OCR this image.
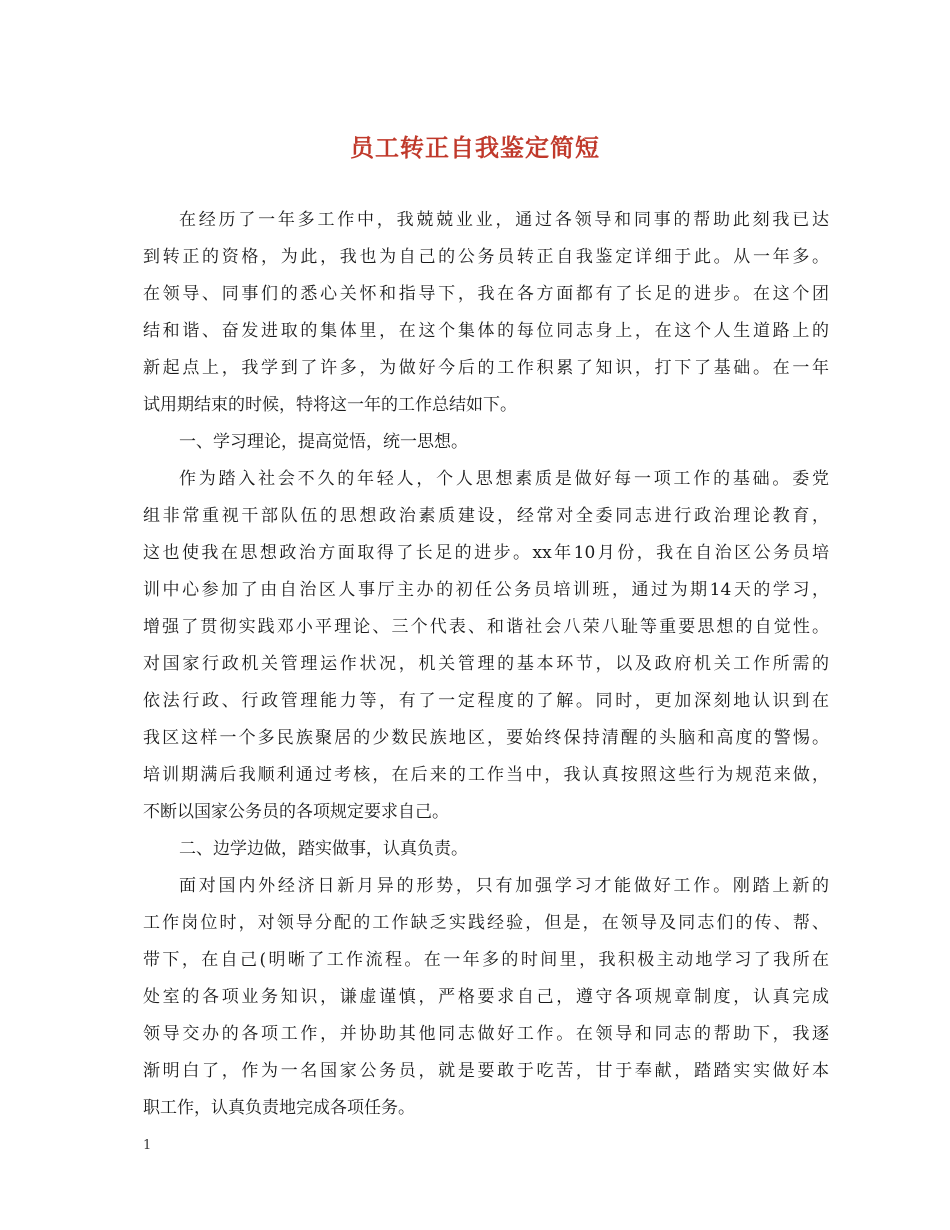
员工转正自我鉴定简短
在经历了一年多工作中，我兢兢业业，通过各领导和同事的帮助此刻我已达
到转正的资格，为此，我也为自己的公务员转正自我鉴定详细于此。从一年多。
在领导、同事们的悉心关怀和指导下，我在各方面都有了长足的进步。在这个团
结和谐、奋发进取的集体里，在这个集体的每位同志身上，在这个人生道路上的
新起点上，我学到了许多，为做好今后的工作积累了知识，打下了基础。在一年
试用期结束的时候，特将这一年的工作总结如下。
一、学习理论，提高觉悟，统一思想。
作为踏入社会不久的年轻人，个人思想素质是做好每一项工作的基础。委党
组非常重视干部队伍的思想政治素质建设，经常对全委同志进行政治理论教育，
这也使我在思想政治方面取得了长足的进步。xx年10月份，我在自治区公务员培
训中心参加了由自治区人事厅主办的初任公务员培训班，通过为期14天的学习，
增强了贯彻实践邓小平理论、三个代表、和谐社会八荣八耻等重要思想的自觉性。
对国家行政机关管理运作状况，机关管理的基本环节，以及政府机关工作所需的
依法行政、行政管理能力等，有了一定程度的了解。同时，更加深刻地认识到在
我区这样一个多民族聚居的少数民族地区，要始终保持清醒的头脑和高度的警惕。
培训期满后我顺利通过考核，在后来的工作当中，我认真按照这些行为规范来做，
不断以国家公务员的各项规定要求自己。
二、边学边做，踏实做事，认真负责。
面对国内外经济日新月异的形势，只有加强学习才能做好工作。刚踏上新的
工作岗位时，对领导分配的工作缺乏实践经验，但是，在领导及同志们的传、帮、
带下，在自己(明晰了工作流程。在一年多的时间里，我积极主动地学习了我所在
处室的各项业务知识，谦虚谨慎，严格要求自己，遵守各项规章制度，认真完成
领导交办的各项工作，并协助其他同志做好工作。在领导和同志的帮助下，我逐
渐明白了，作为一名国家公务员，就是要敢于吃苦，甘于奉献，踏踏实实做好本
职工作，认真负责地完成各项任务。
1
